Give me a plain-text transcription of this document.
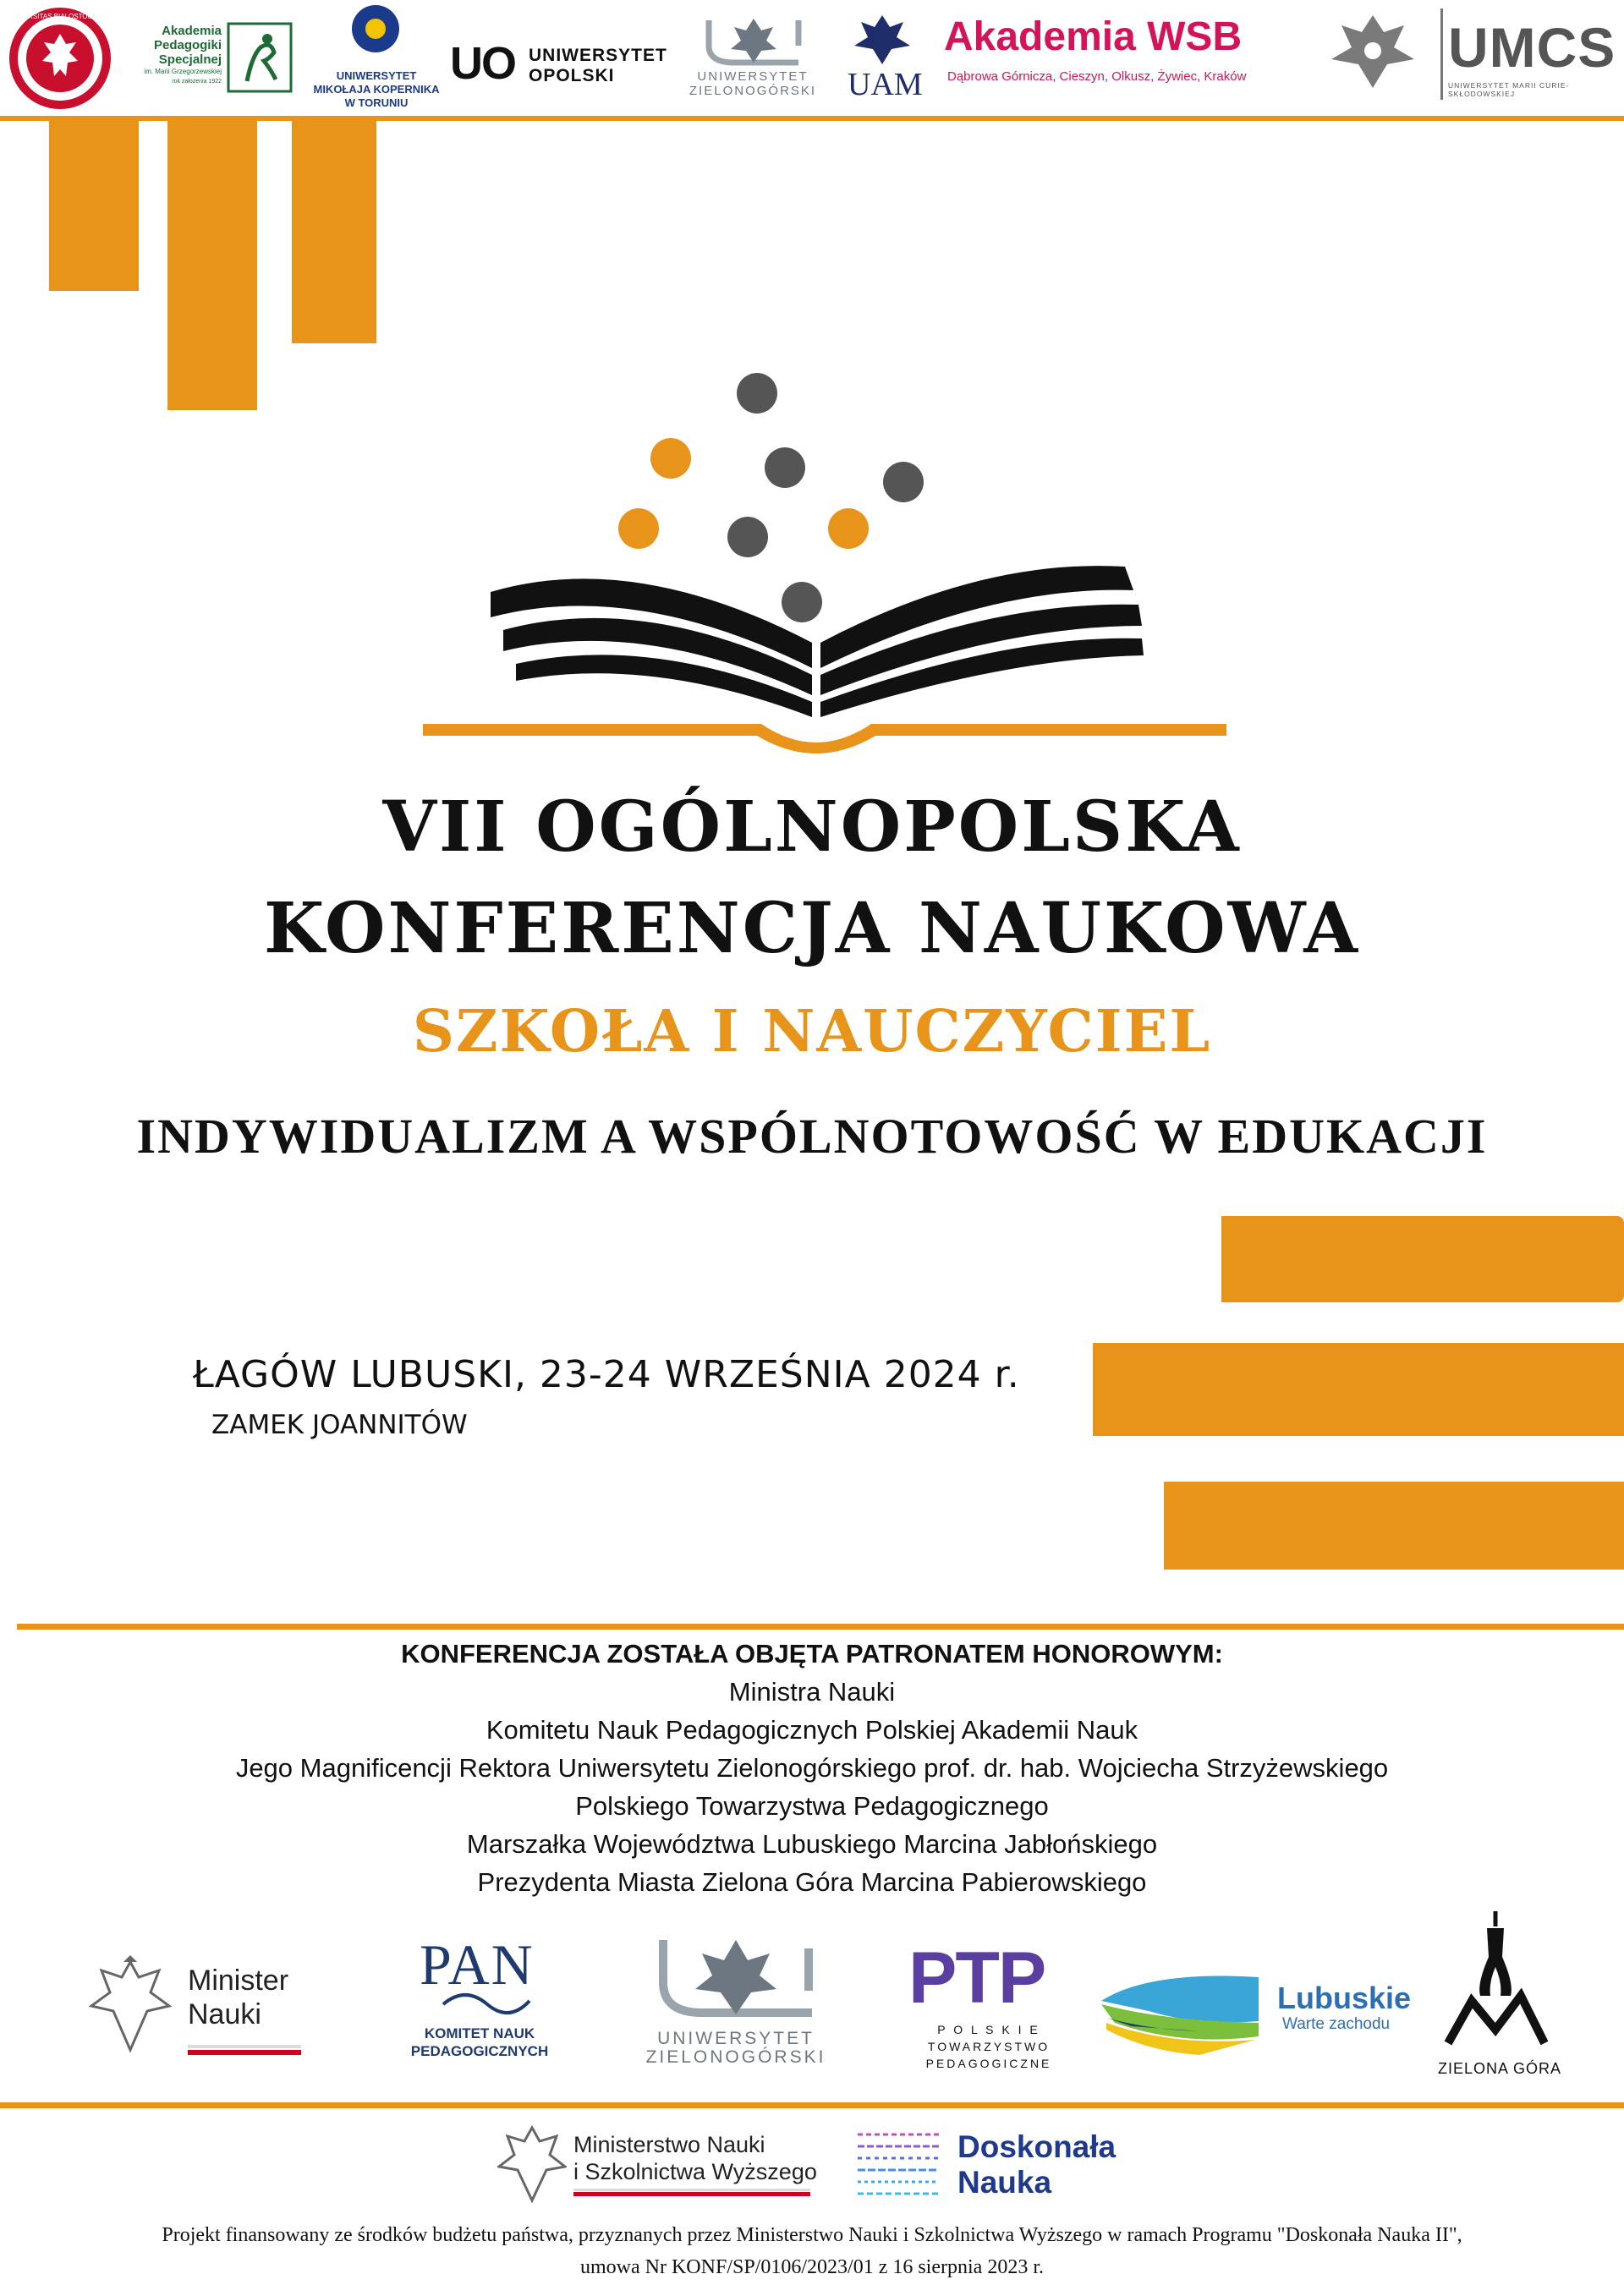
UNIVERSITAS BIALOSTOCENSIS
Akademia
Pedagogiki
Specjalnej
im. Marii Grzegorzewskiej
rok założenia 1922	UNIWERSYTET
MIKOŁAJA KOPERNIKA
W TORUNIU
UO UNIWERSYTET
OPOLSKI	UNIWERSYTET
ZIELONOGÓRSKI UAM
Akademia WSB
Dąbrowa Górnicza, Cieszyn, Olkusz, Żywiec, Kraków	UMCS
UNIWERSYTET MARII CURIE-SKŁODOWSKIEJ
VII OGÓLNOPOLSKA
KONFERENCJA NAUKOWA
SZKOŁA I NAUCZYCIEL
INDYWIDUALIZM A WSPÓLNOTOWOŚĆ W EDUKACJI
ŁAGÓW LUBUSKI, 23-24 WRZEŚNIA 2024 r.
ZAMEK JOANNITÓW
KONFERENCJA ZOSTAŁA OBJĘTA PATRONATEM HONOROWYM:
Ministra Nauki
Komitetu Nauk Pedagogicznych Polskiej Akademii Nauk
Jego Magnificencji Rektora Uniwersytetu Zielonogórskiego prof. dr. hab. Wojciecha Strzyżewskiego
Polskiego Towarzystwa Pedagogicznego
Marszałka Województwa Lubuskiego Marcina Jabłońskiego
Prezydenta Miasta Zielona Góra Marcina Pabierowskiego
Minister
Nauki
PAN
KOMITET NAUK
PEDAGOGICZNYCH
UNIWERSYTET
ZIELONOGÓRSKI
PTP
P O L S K I E
TOWARZYSTWO
PEDAGOGICZNE
Lubuskie
Warte zachodu
ZIELONA GÓRA
Ministerstwo Nauki
i Szkolnictwa Wyższego
Doskonała
Nauka
Projekt finansowany ze środków budżetu państwa, przyznanych przez Ministerstwo Nauki i Szkolnictwa Wyższego w ramach Programu "Doskonała Nauka II",
umowa Nr KONF/SP/0106/2023/01 z 16 sierpnia 2023 r.
